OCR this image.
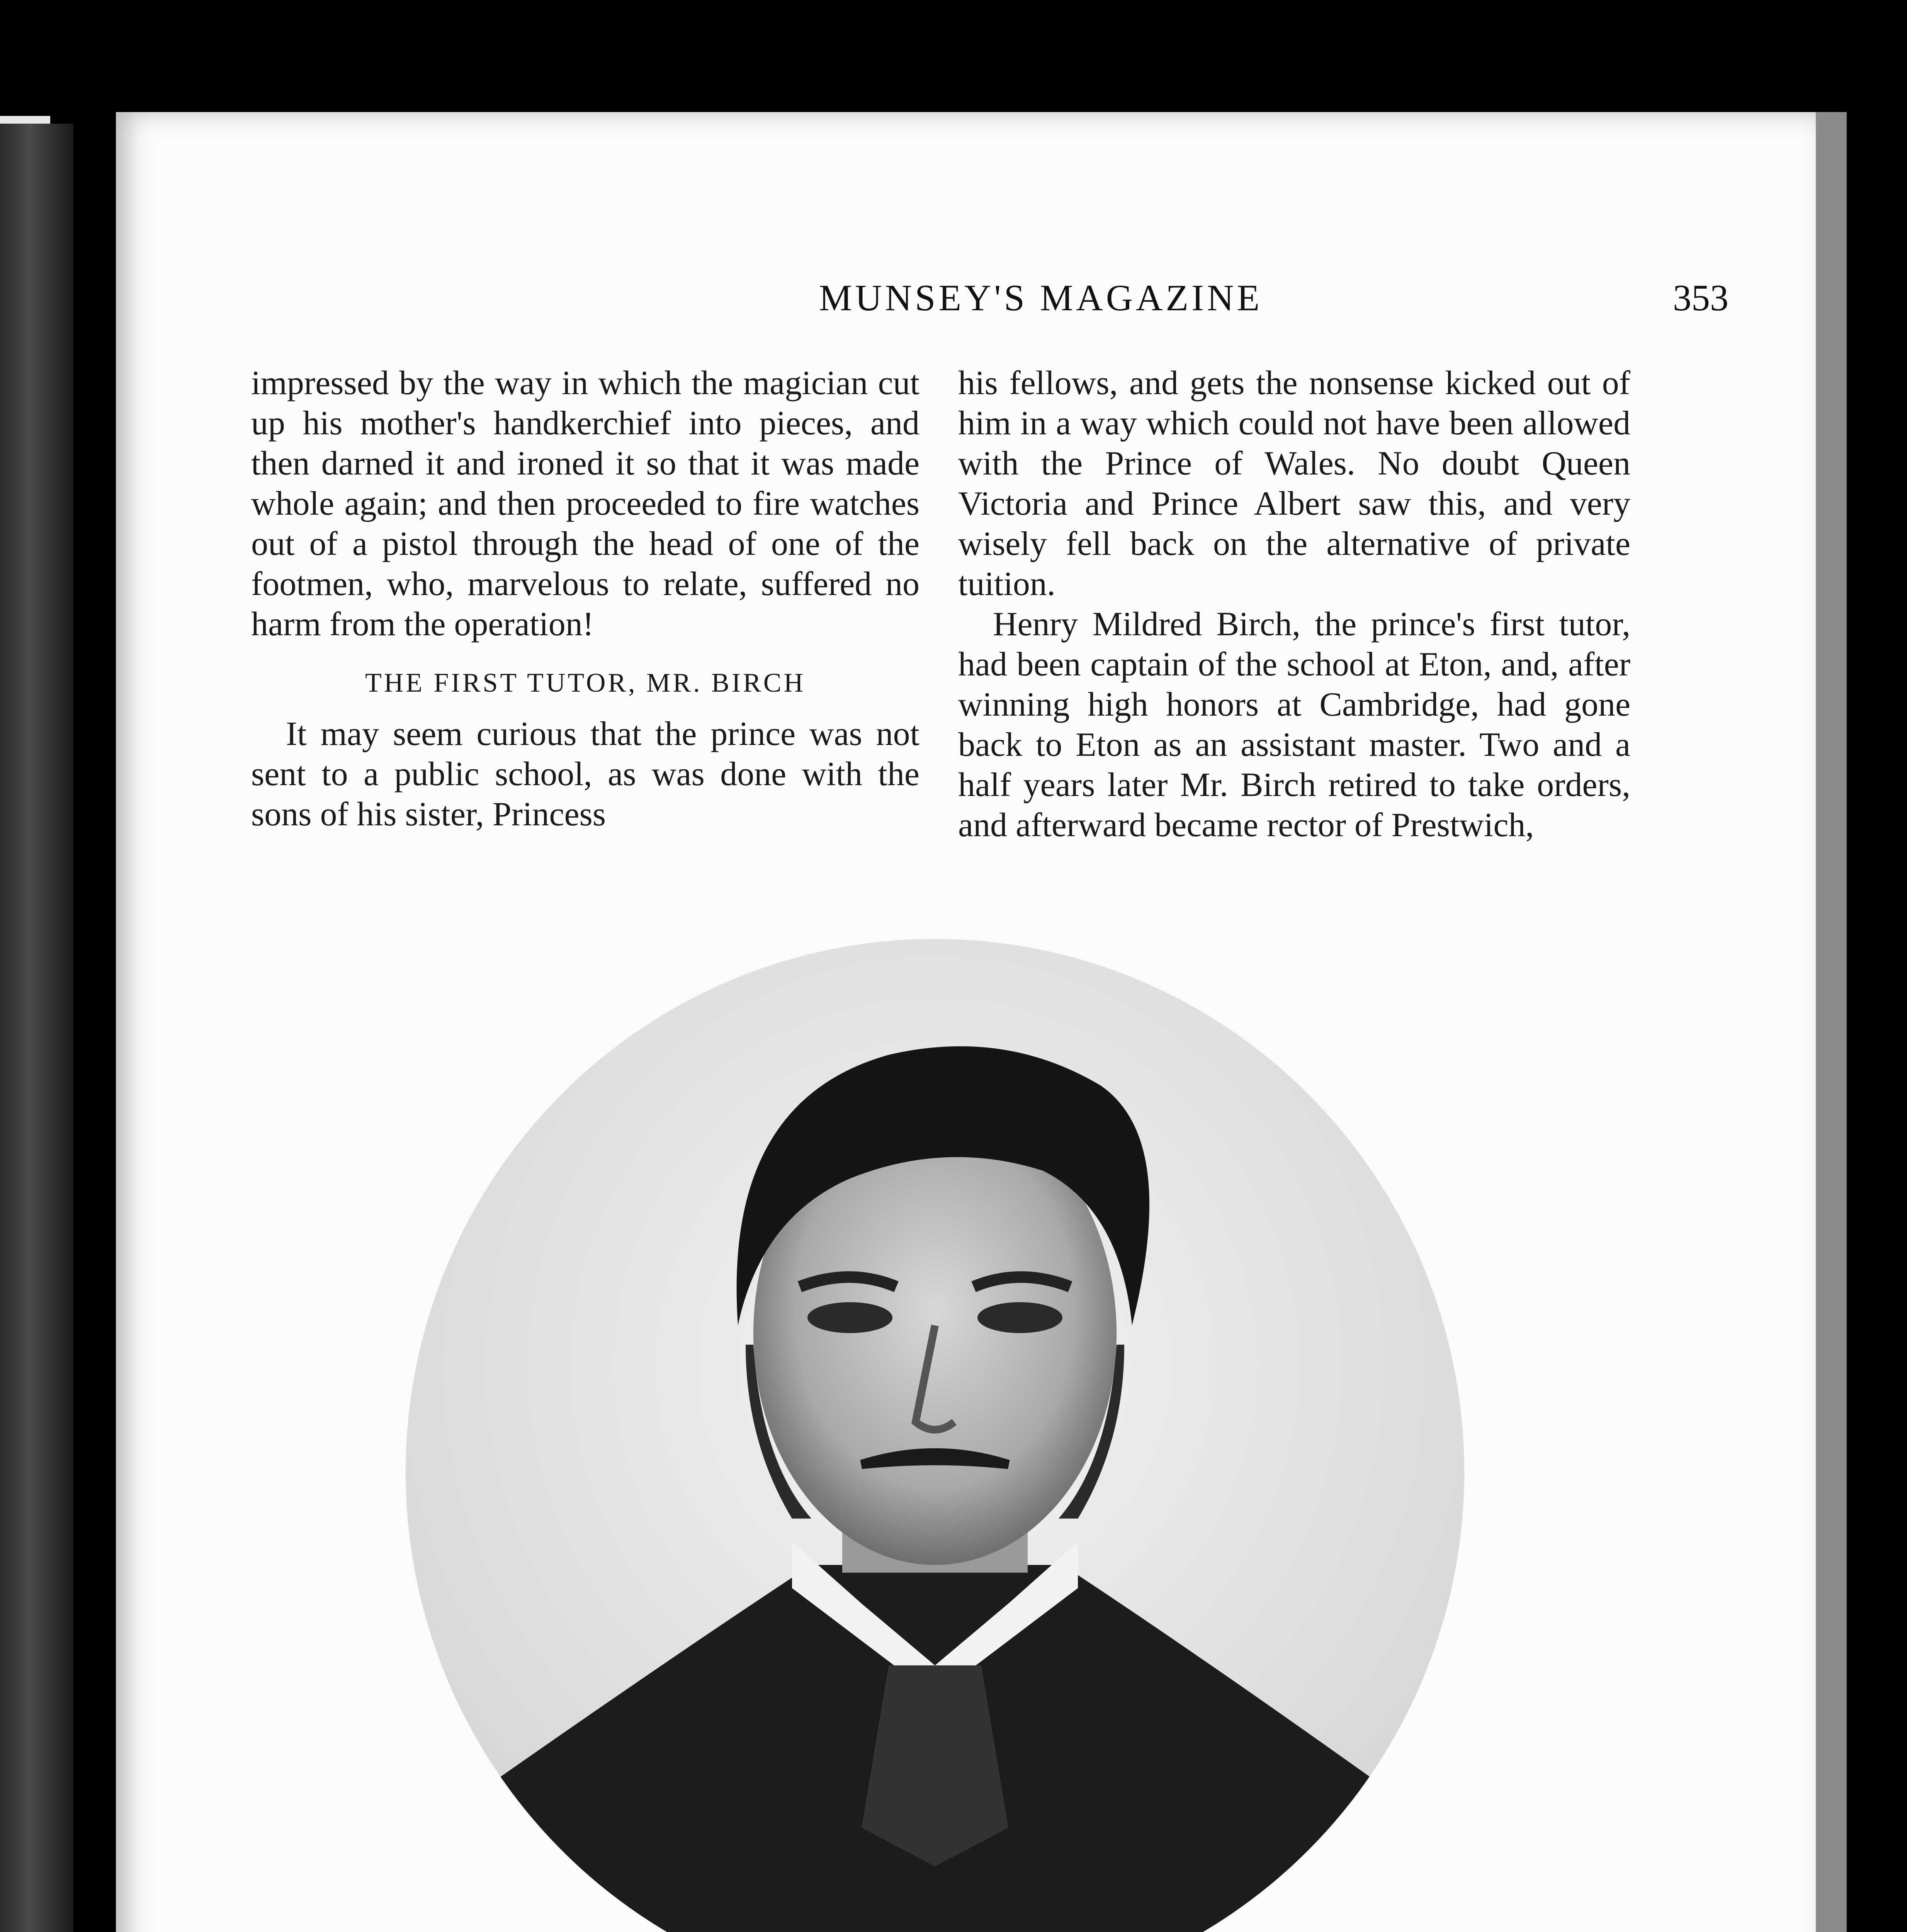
MUNSEY'S MAGAZINE	353

impressed by the way in which the magician cut up his mother's handkerchief into pieces, and then darned it and ironed it so that it was made whole again; and then proceeded to fire watches out of a pistol through the head of one of the footmen, who, marvelous to relate, suffered no harm from the operation!

THE FIRST TUTOR, MR. BIRCH

It may seem curious that the prince was not sent to a public school, as was done with the sons of his sister, Princess

his fellows, and gets the nonsense kicked out of him in a way which could not have been allowed with the Prince of Wales. No doubt Queen Victoria and Prince Albert saw this, and very wisely fell back on the alternative of private tuition.

Henry Mildred Birch, the prince's first tutor, had been captain of the school at Eton, and, after winning high honors at Cambridge, had gone back to Eton as an assistant master. Two and a half years later Mr. Birch retired to take orders, and afterward became rector of Prestwich,
